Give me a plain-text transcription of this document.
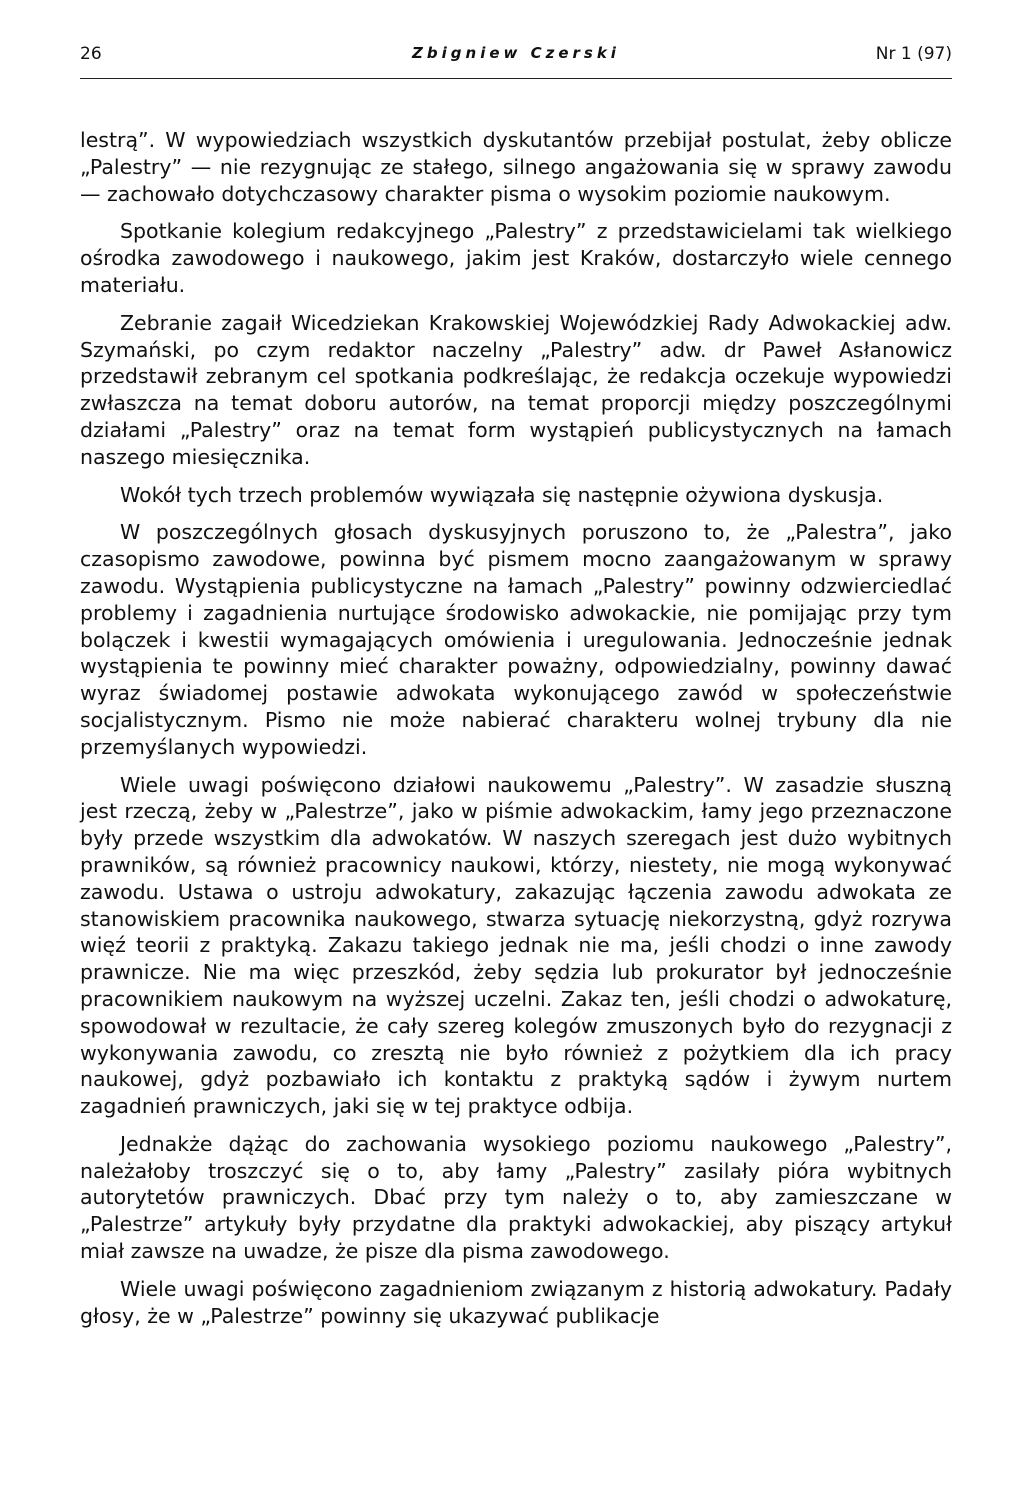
26	Zbigniew Czerski	Nr 1 (97)

lestrą”. W wypowiedziach wszystkich dyskutantów przebijał postulat, żeby oblicze „Palestry” — nie rezygnując ze stałego, silnego angażowania się w sprawy zawodu — zachowało dotychczasowy charakter pisma o wysokim poziomie naukowym.

Spotkanie kolegium redakcyjnego „Palestry” z przedstawicielami tak wielkiego ośrodka zawodowego i naukowego, jakim jest Kraków, dostarczyło wiele cennego materiału.

Zebranie zagaił Wicedziekan Krakowskiej Wojewódzkiej Rady Adwokackiej adw. Szymański, po czym redaktor naczelny „Palestry” adw. dr Paweł Asłanowicz przedstawił zebranym cel spotkania podkreślając, że redakcja oczekuje wypowiedzi zwłaszcza na temat doboru autorów, na temat proporcji między poszczególnymi działami „Palestry” oraz na temat form wystąpień publicystycznych na łamach naszego miesięcznika.

Wokół tych trzech problemów wywiązała się następnie ożywiona dyskusja.

W poszczególnych głosach dyskusyjnych poruszono to, że „Palestra”, jako czasopismo zawodowe, powinna być pismem mocno zaangażowanym w sprawy zawodu. Wystąpienia publicystyczne na łamach „Palestry” powinny odzwierciedlać problemy i zagadnienia nurtujące środowisko adwokackie, nie pomijając przy tym bolączek i kwestii wymagających omówienia i uregulowania. Jednocześnie jednak wystąpienia te powinny mieć charakter poważny, odpowiedzialny, powinny dawać wyraz świadomej postawie adwokata wykonującego zawód w społeczeństwie socjalistycznym. Pismo nie może nabierać charakteru wolnej trybuny dla nie przemyślanych wypowiedzi.

Wiele uwagi poświęcono działowi naukowemu „Palestry”. W zasadzie słuszną jest rzeczą, żeby w „Palestrze”, jako w piśmie adwokackim, łamy jego przeznaczone były przede wszystkim dla adwokatów. W naszych szeregach jest dużo wybitnych prawników, są również pracownicy naukowi, którzy, niestety, nie mogą wykonywać zawodu. Ustawa o ustroju adwokatury, zakazując łączenia zawodu adwokata ze stanowiskiem pracownika naukowego, stwarza sytuację niekorzystną, gdyż rozrywa więź teorii z praktyką. Zakazu takiego jednak nie ma, jeśli chodzi o inne zawody prawnicze. Nie ma więc przeszkód, żeby sędzia lub prokurator był jednocześnie pracownikiem naukowym na wyższej uczelni. Zakaz ten, jeśli chodzi o adwokaturę, spowodował w rezultacie, że cały szereg kolegów zmuszonych było do rezygnacji z wykonywania zawodu, co zresztą nie było również z pożytkiem dla ich pracy naukowej, gdyż pozbawiało ich kontaktu z praktyką sądów i żywym nurtem zagadnień prawniczych, jaki się w tej praktyce odbija.

Jednakże dążąc do zachowania wysokiego poziomu naukowego „Palestry”, należałoby troszczyć się o to, aby łamy „Palestry” zasilały pióra wybitnych autorytetów prawniczych. Dbać przy tym należy o to, aby zamieszczane w „Palestrze” artykuły były przydatne dla praktyki adwokackiej, aby piszący artykuł miał zawsze na uwadze, że pisze dla pisma zawodowego.

Wiele uwagi poświęcono zagadnieniom związanym z historią adwokatury. Padały głosy, że w „Palestrze” powinny się ukazywać publikacje
